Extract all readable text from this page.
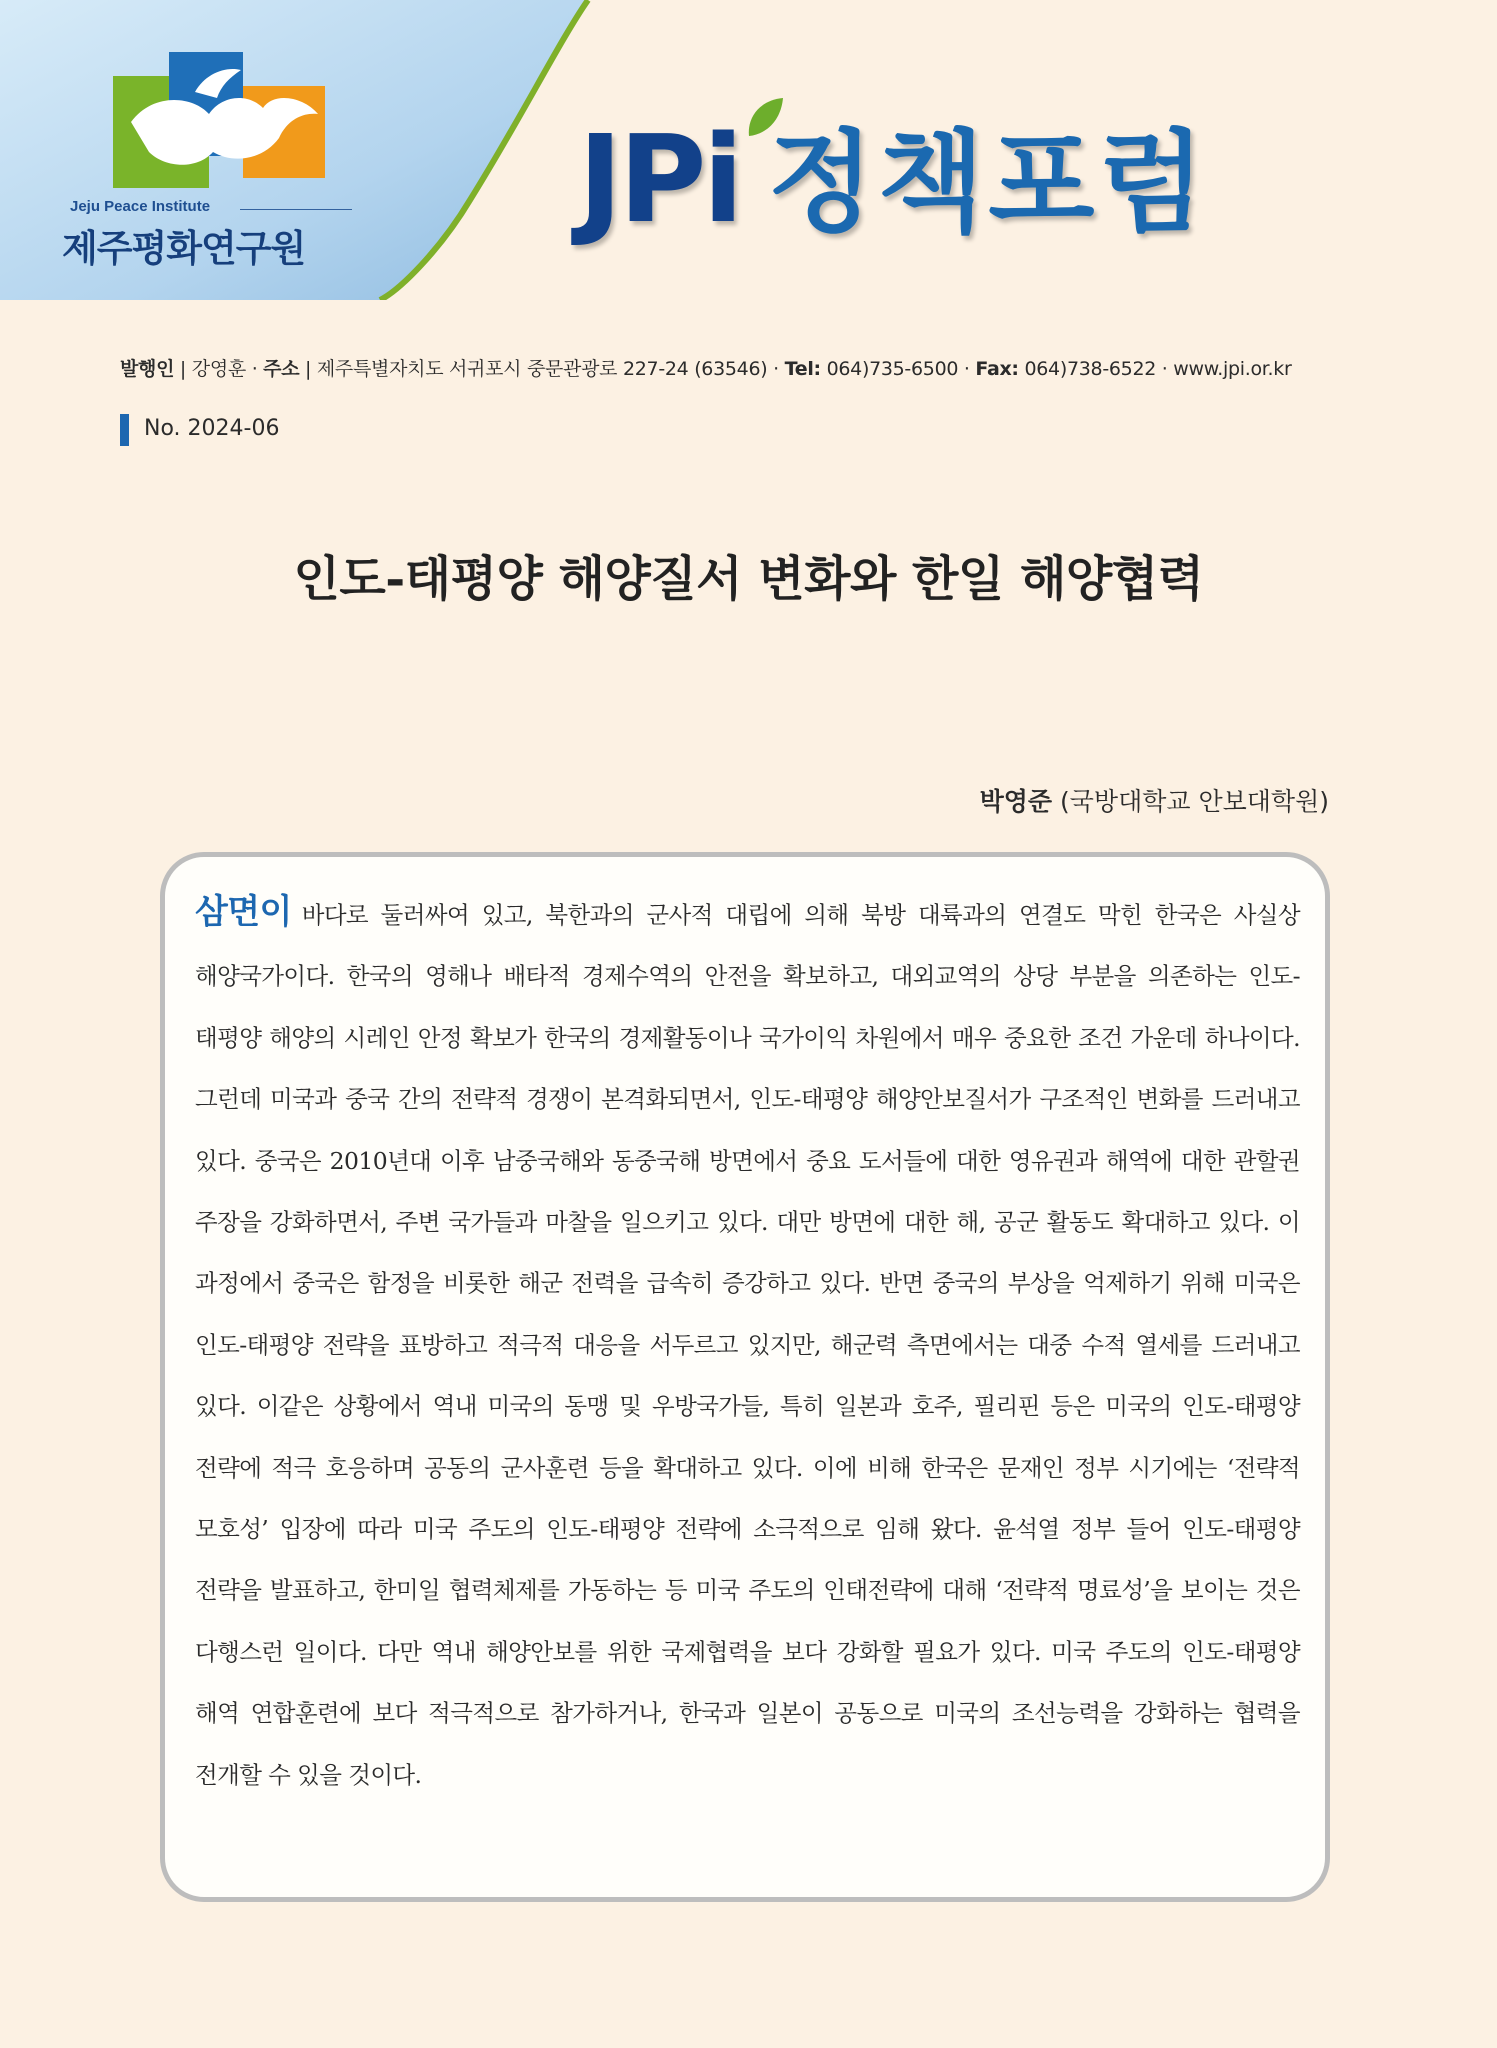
Jeju Peace Institute
제주평화연구원	JPi 정책포럼
발행인 | 강영훈 · 주소 | 제주특별자치도 서귀포시 중문관광로 227-24 (63546) · Tel: 064)735-6500 · Fax: 064)738-6522 · www.jpi.or.kr
No. 2024-06
인도-태평양 해양질서 변화와 한일 해양협력
박영준 (국방대학교 안보대학원)
삼면이 바다로 둘러싸여 있고, 북한과의 군사적 대립에 의해 북방 대륙과의 연결도 막힌 한국은 사실상 해양국가이다. 한국의 영해나 배타적 경제수역의 안전을 확보하고, 대외교역의 상당 부분을 의존하는 인도-태평양 해양의 시레인 안정 확보가 한국의 경제활동이나 국가이익 차원에서 매우 중요한 조건 가운데 하나이다. 그런데 미국과 중국 간의 전략적 경쟁이 본격화되면서, 인도-태평양 해양안보질서가 구조적인 변화를 드러내고 있다. 중국은 2010년대 이후 남중국해와 동중국해 방면에서 중요 도서들에 대한 영유권과 해역에 대한 관할권 주장을 강화하면서, 주변 국가들과 마찰을 일으키고 있다. 대만 방면에 대한 해, 공군 활동도 확대하고 있다. 이 과정에서 중국은 함정을 비롯한 해군 전력을 급속히 증강하고 있다. 반면 중국의 부상을 억제하기 위해 미국은 인도-태평양 전략을 표방하고 적극적 대응을 서두르고 있지만, 해군력 측면에서는 대중 수적 열세를 드러내고 있다. 이같은 상황에서 역내 미국의 동맹 및 우방국가들, 특히 일본과 호주, 필리핀 등은 미국의 인도-태평양 전략에 적극 호응하며 공동의 군사훈련 등을 확대하고 있다. 이에 비해 한국은 문재인 정부 시기에는 ‘전략적 모호성’ 입장에 따라 미국 주도의 인도-태평양 전략에 소극적으로 임해 왔다. 윤석열 정부 들어 인도-태평양 전략을 발표하고, 한미일 협력체제를 가동하는 등 미국 주도의 인태전략에 대해 ‘전략적 명료성’을 보이는 것은 다행스런 일이다. 다만 역내 해양안보를 위한 국제협력을 보다 강화할 필요가 있다. 미국 주도의 인도-태평양 해역 연합훈련에 보다 적극적으로 참가하거나, 한국과 일본이 공동으로 미국의 조선능력을 강화하는 협력을 전개할 수 있을 것이다.
